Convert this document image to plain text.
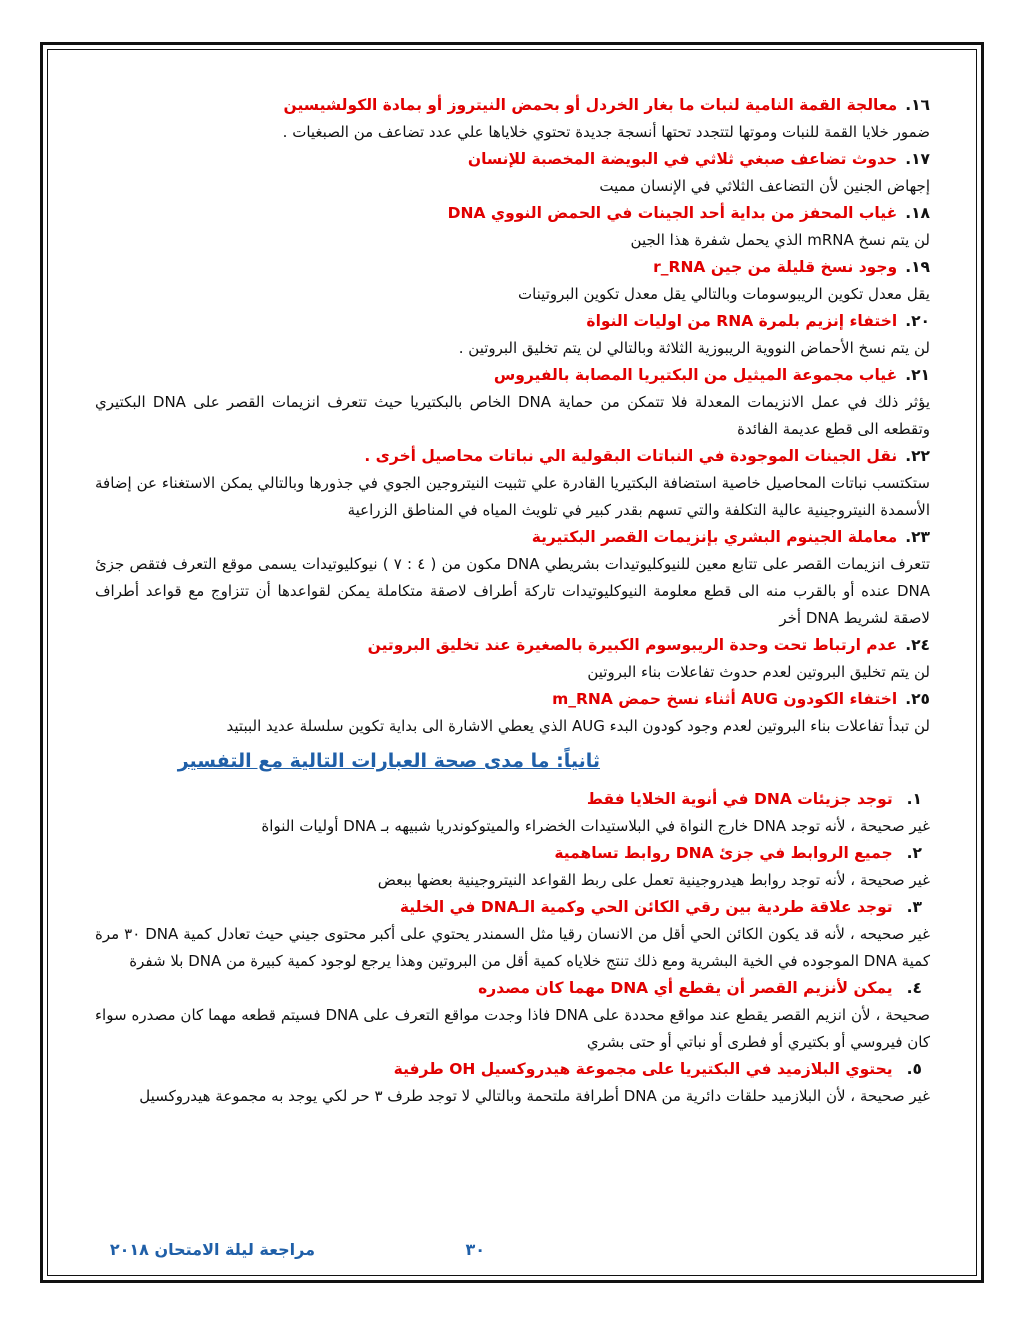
١٦.معالجة القمة النامية لنبات ما بغار الخردل أو بحمض النيتروز أو بمادة الكولشيسين
ضمور خلايا القمة للنبات وموتها لتتجدد تحتها أنسجة جديدة تحتوي خلاياها علي عدد تضاعف من الصبغيات .
١٧.حدوث تضاعف صبغي ثلاثي في البويضة المخصبة للإنسان
إجهاض الجنين لأن التضاعف الثلاثي في الإنسان مميت
١٨.غياب المحفز من بداية أحد الجينات في الحمض النووي DNA
لن يتم نسخ mRNA الذي يحمل شفرة هذا الجين
١٩.وجود نسخ قليلة من جين r_RNA
يقل معدل تكوين الريبوسومات وبالتالي يقل معدل تكوين البروتينات
٢٠.اختفاء إنزيم بلمرة RNA من اوليات النواة
لن يتم نسخ الأحماض النووية الريبوزية الثلاثة وبالتالي لن يتم تخليق البروتين .
٢١.غياب مجموعة الميثيل من البكتيريا المصابة بالفيروس
يؤثر ذلك في عمل الانزيمات المعدلة فلا تتمكن من حماية DNA الخاص بالبكتيريا حيث تتعرف انزيمات القصر على DNA البكتيري وتقطعه الى قطع عديمة الفائدة
٢٢.نقل الجينات الموجودة في النباتات البقولية الي نباتات محاصيل أخرى .
ستكتسب نباتات المحاصيل خاصية استضافة البكتيريا القادرة علي تثبيت النيتروجين الجوي في جذورها وبالتالي يمكن الاستغناء عن إضافة الأسمدة النيتروجينية عالية التكلفة والتي تسهم بقدر كبير في تلويث المياه في المناطق الزراعية
٢٣.معاملة الجينوم البشري بإنزيمات القصر البكتيرية
تتعرف انزيمات القصر على تتابع معين للنيوكليوتيدات بشريطي DNA مكون من ( ٤ : ٧ ) نيوكليوتيدات يسمى موقع التعرف فتقص جزئ DNA عنده أو بالقرب منه الى قطع معلومة النيوكليوتيدات تاركة أطراف لاصقة متكاملة يمكن لقواعدها أن تتزاوج مع قواعد أطراف لاصقة لشريط DNA أخر
٢٤.عدم ارتباط تحت وحدة الريبوسوم الكبيرة بالصغيرة عند تخليق البروتين
لن يتم تخليق البروتين لعدم حدوث تفاعلات بناء البروتين
٢٥.اختفاء الكودون AUG أثناء نسخ حمض m_RNA
لن تبدأ تفاعلات بناء البروتين لعدم وجود كودون البدء AUG الذي يعطي الاشارة الى بداية تكوين سلسلة عديد الببتيد
ثانياً: ما مدى صحة العبارات التالية مع التفسير
١.توجد جزيئات DNA في أنوية الخلايا فقط
غير صحيحة ، لأنه توجد DNA خارج النواة في البلاستيدات الخضراء والميتوكوندريا شبيهه بـ DNA أوليات النواة
٢.جميع الروابط في جزئ DNA روابط تساهمية
غير صحيحة ، لأنه توجد روابط هيدروجينية تعمل على ربط القواعد النيتروجينية بعضها ببعض
٣.توجد علاقة طردية بين رقي الكائن الحي وكمية الـDNA في الخلية
غير صحيحه ، لأنه قد يكون الكائن الحي أقل من الانسان رقيا مثل السمندر يحتوي على أكبر محتوى جيني حيث تعادل كمية DNA ٣٠ مرة كمية DNA الموجوده في الخية البشرية ومع ذلك تنتج خلاياه كمية أقل من البروتين وهذا يرجع لوجود كمية كبيرة من DNA بلا شفرة
٤.يمكن لأنزيم القصر أن يقطع أي DNA مهما كان مصدره
صحيحة ، لأن انزيم القصر يقطع عند مواقع محددة على DNA فاذا وجدت مواقع التعرف على DNA فسيتم قطعه مهما كان مصدره سواء كان فيروسي أو بكتيري أو فطرى أو نباتي أو حتى بشري
٥.يحتوي البلازميد في البكتيريا على مجموعة هيدروكسيل OH طرفية
غير صحيحة ، لأن البلازميد حلقات دائرية من DNA أطرافة ملتحمة وبالتالي لا توجد طرف ٣ حر لكي يوجد به مجموعة هيدروكسيل
مراجعة ليلة الامتحان ٢٠١٨	٣٠
